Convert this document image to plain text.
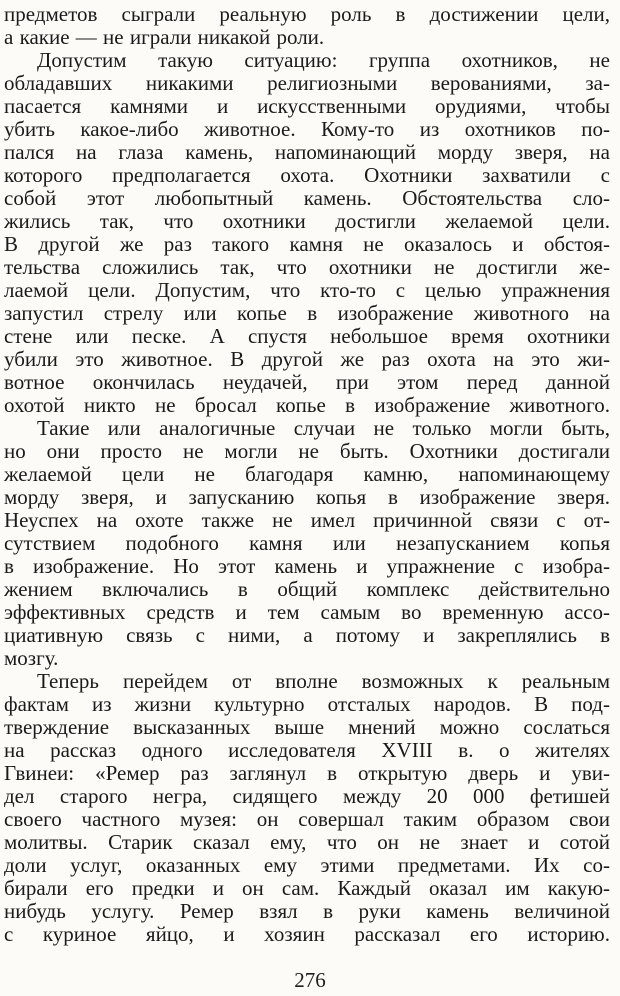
предметов сыграли реальную роль в достижении цели,
а какие — не играли никакой роли.
Допустим такую ситуацию: группа охотников, не
обладавших никакими религиозными верованиями, за-
пасается камнями и искусственными орудиями, чтобы
убить какое-либо животное. Кому-то из охотников по-
пался на глаза камень, напоминающий морду зверя, на
которого предполагается охота. Охотники захватили с
собой этот любопытный камень. Обстоятельства сло-
жились так, что охотники достигли желаемой цели.
В другой же раз такого камня не оказалось и обстоя-
тельства сложились так, что охотники не достигли же-
лаемой цели. Допустим, что кто-то с целью упражнения
запустил стрелу или копье в изображение животного на
стене или песке. А спустя небольшое время охотники
убили это животное. В другой же раз охота на это жи-
вотное окончилась неудачей, при этом перед данной
охотой никто не бросал копье в изображение животного.
Такие или аналогичные случаи не только могли быть,
но они просто не могли не быть. Охотники достигали
желаемой цели не благодаря камню, напоминающему
морду зверя, и запусканию копья в изображение зверя.
Неуспех на охоте также не имел причинной связи с от-
сутствием подобного камня или незапусканием копья
в изображение. Но этот камень и упражнение с изобра-
жением включались в общий комплекс действительно
эффективных средств и тем самым во временную ассо-
циативную связь с ними, а потому и закреплялись в
мозгу.
Теперь перейдем от вполне возможных к реальным
фактам из жизни культурно отсталых народов. В под-
тверждение высказанных выше мнений можно сослаться
на рассказ одного исследователя XVIII в. о жителях
Гвинеи: «Ремер раз заглянул в открытую дверь и уви-
дел старого негра, сидящего между 20 000 фетишей
своего частного музея: он совершал таким образом свои
молитвы. Старик сказал ему, что он не знает и сотой
доли услуг, оказанных ему этими предметами. Их со-
бирали его предки и он сам. Каждый оказал им какую-
нибудь услугу. Ремер взял в руки камень величиной
с куриное яйцо, и хозяин рассказал его историю.
276
